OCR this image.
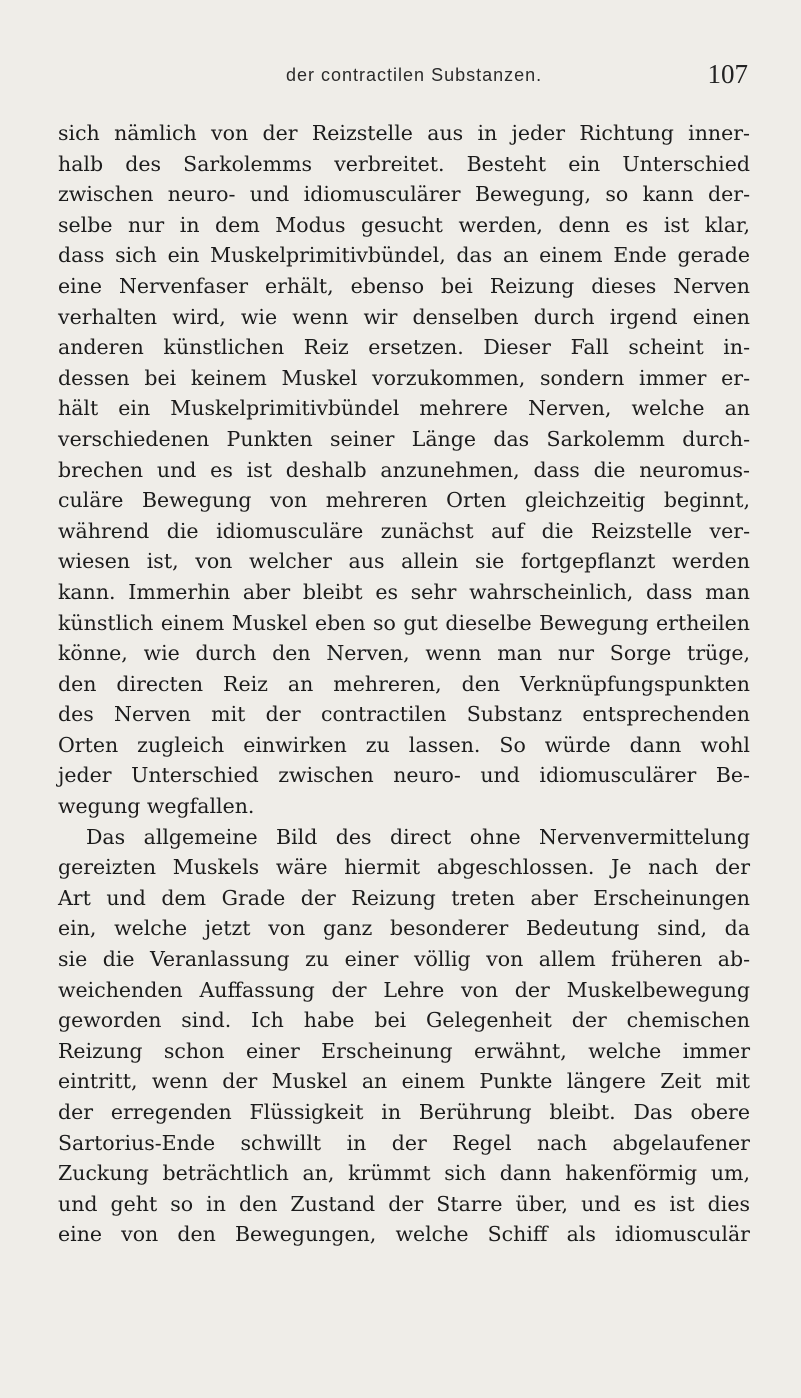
der contractilen Substanzen.	107
sich nämlich von der Reizstelle aus in jeder Richtung inner-
halb des Sarkolemms verbreitet. Besteht ein Unterschied
zwischen neuro- und idiomusculärer Bewegung, so kann der-
selbe nur in dem Modus gesucht werden, denn es ist klar,
dass sich ein Muskelprimitivbündel, das an einem Ende gerade
eine Nervenfaser erhält, ebenso bei Reizung dieses Nerven
verhalten wird, wie wenn wir denselben durch irgend einen
anderen künstlichen Reiz ersetzen. Dieser Fall scheint in-
dessen bei keinem Muskel vorzukommen, sondern immer er-
hält ein Muskelprimitivbündel mehrere Nerven, welche an
verschiedenen Punkten seiner Länge das Sarkolemm durch-
brechen und es ist deshalb anzunehmen, dass die neuromus-
culäre Bewegung von mehreren Orten gleichzeitig beginnt,
während die idiomusculäre zunächst auf die Reizstelle ver-
wiesen ist, von welcher aus allein sie fortgepflanzt werden
kann. Immerhin aber bleibt es sehr wahrscheinlich, dass man
künstlich einem Muskel eben so gut dieselbe Bewegung ertheilen
könne, wie durch den Nerven, wenn man nur Sorge trüge,
den directen Reiz an mehreren, den Verknüpfungspunkten
des Nerven mit der contractilen Substanz entsprechenden
Orten zugleich einwirken zu lassen. So würde dann wohl
jeder Unterschied zwischen neuro- und idiomusculärer Be-
wegung wegfallen.
Das allgemeine Bild des direct ohne Nervenvermittelung
gereizten Muskels wäre hiermit abgeschlossen. Je nach der
Art und dem Grade der Reizung treten aber Erscheinungen
ein, welche jetzt von ganz besonderer Bedeutung sind, da
sie die Veranlassung zu einer völlig von allem früheren ab-
weichenden Auffassung der Lehre von der Muskelbewegung
geworden sind. Ich habe bei Gelegenheit der chemischen
Reizung schon einer Erscheinung erwähnt, welche immer
eintritt, wenn der Muskel an einem Punkte längere Zeit mit
der erregenden Flüssigkeit in Berührung bleibt. Das obere
Sartorius-Ende schwillt in der Regel nach abgelaufener
Zuckung beträchtlich an, krümmt sich dann hakenförmig um,
und geht so in den Zustand der Starre über, und es ist dies
eine von den Bewegungen, welche Schiff als idiomusculär
